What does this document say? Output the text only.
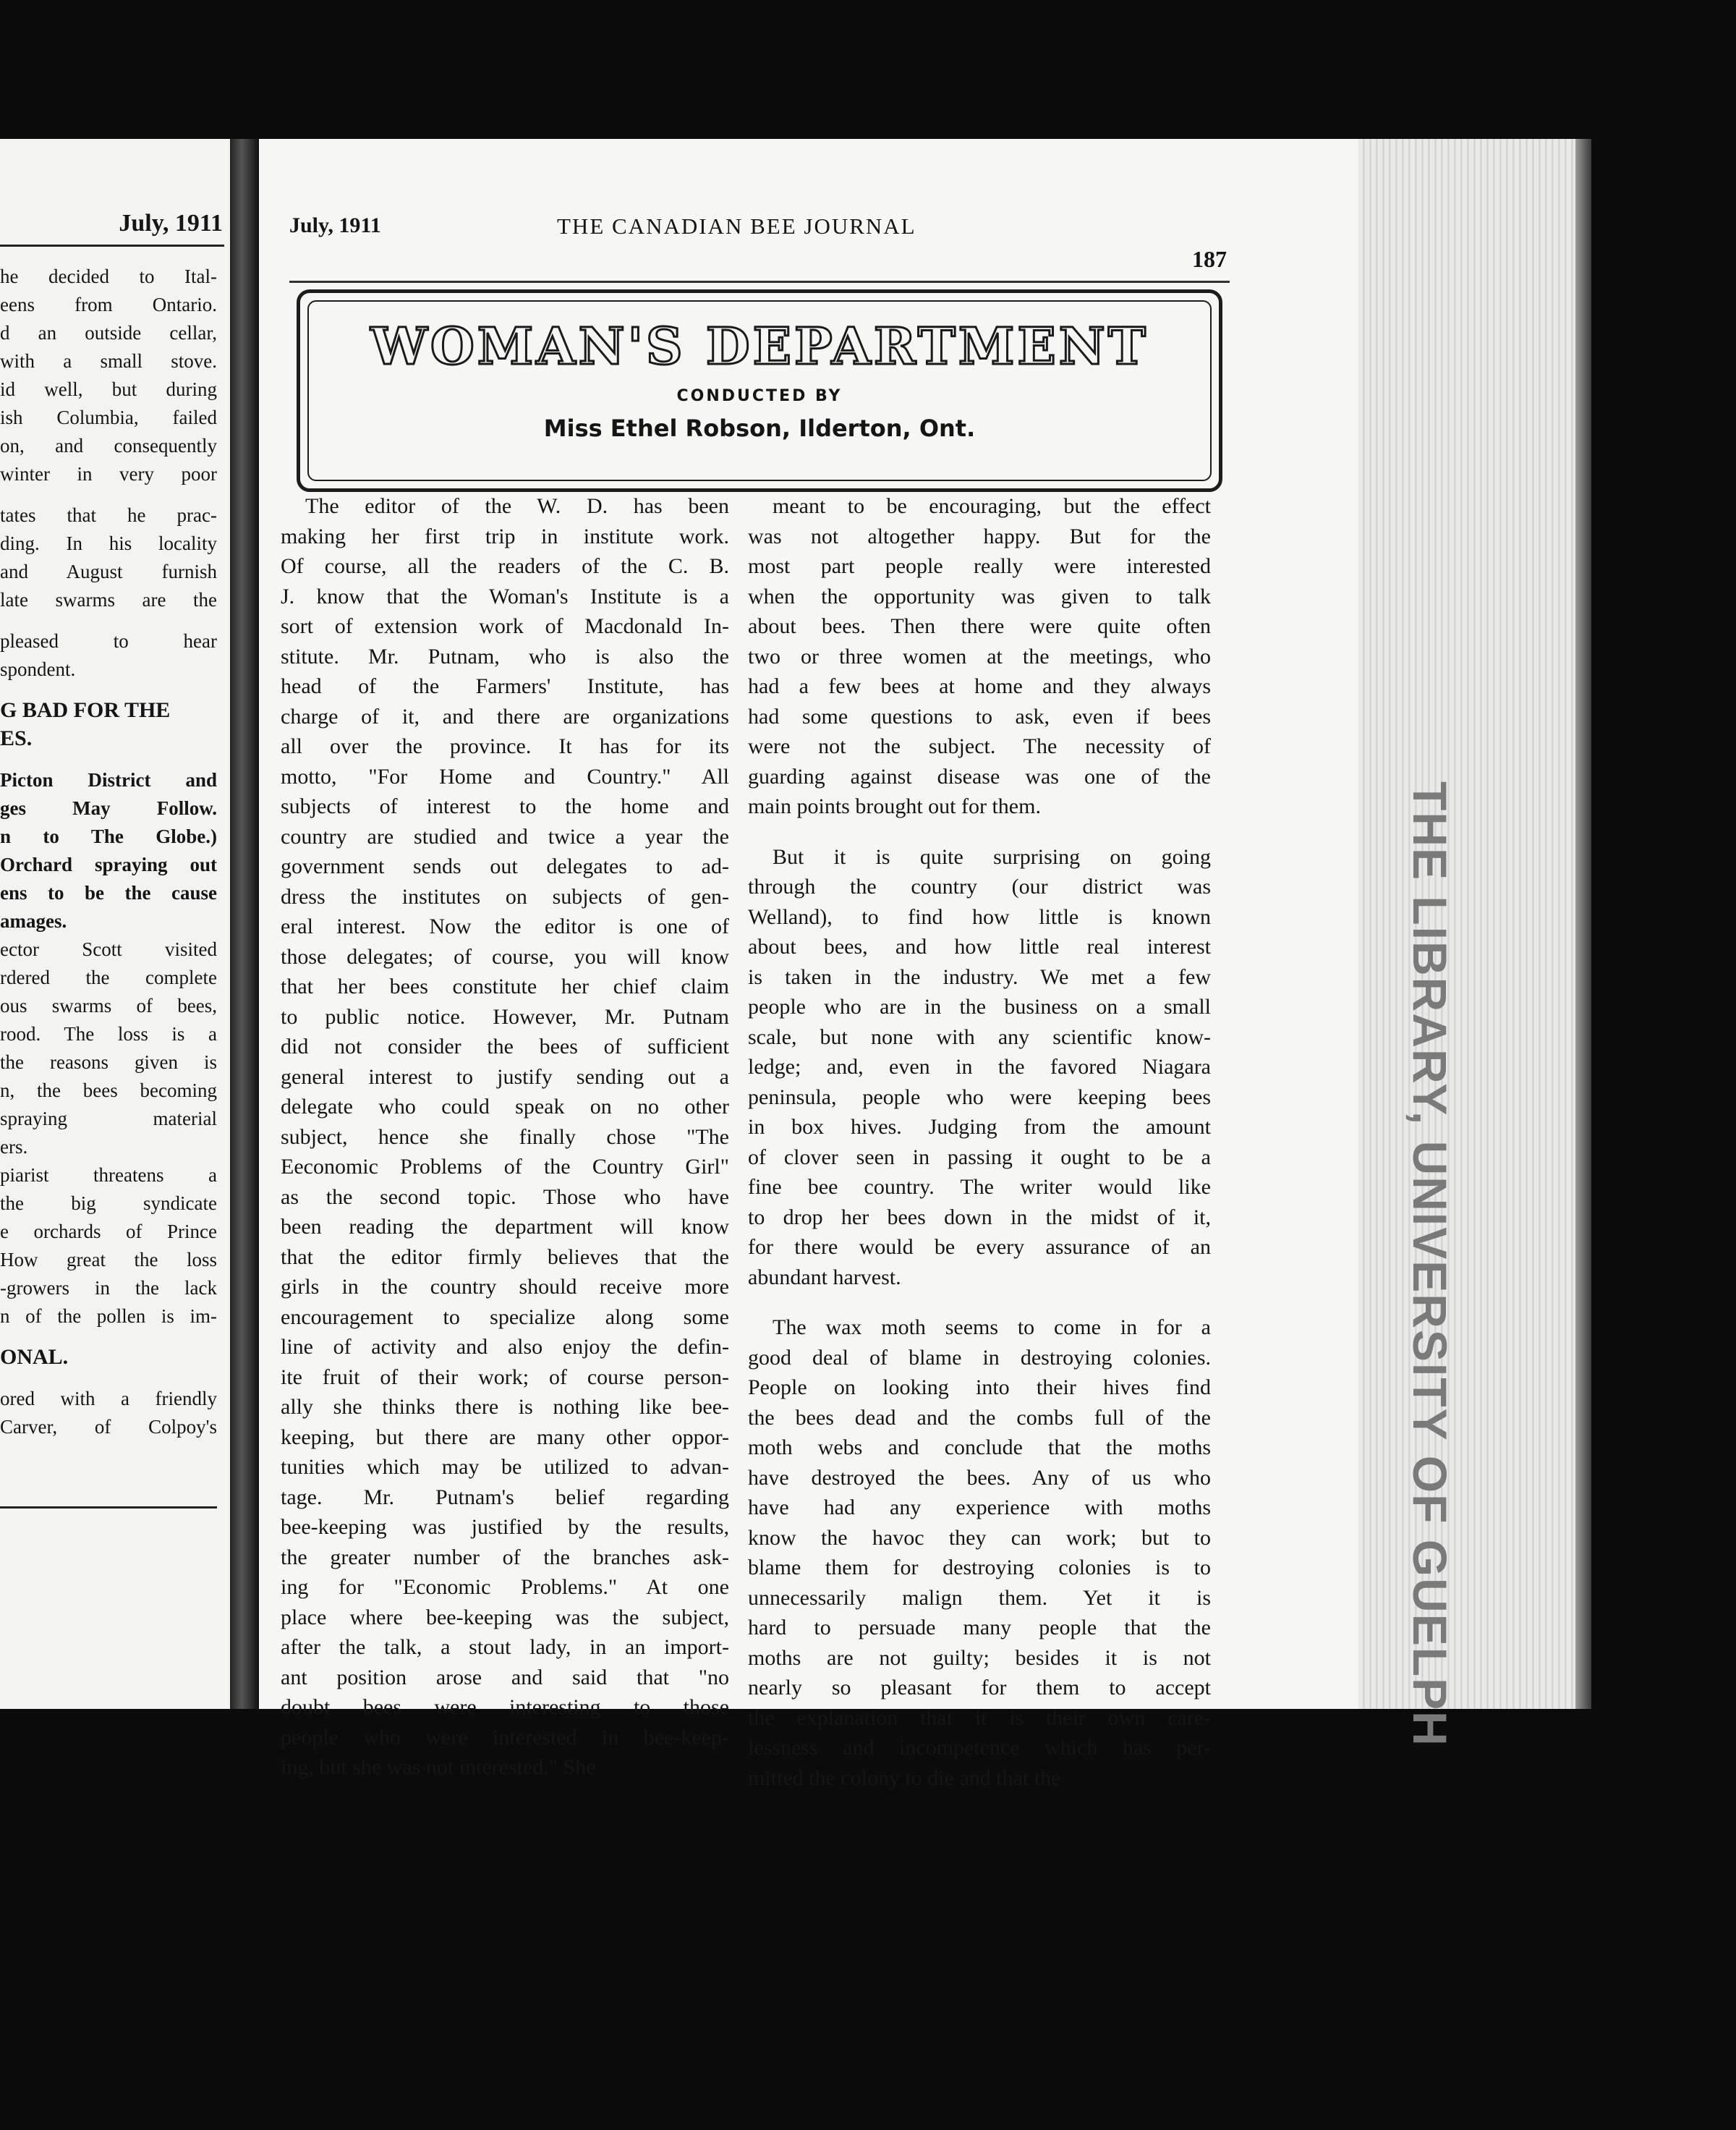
July, 1911
he decided to Ital-
eens from Ontario.
d an outside cellar,
with a small stove.
id well, but during
ish Columbia, failed
on, and consequently
winter in very poor
tates that he prac-
ding. In his locality
and August furnish
late swarms are the
pleased to hear
spondent.
G BAD FOR THE
ES.
Picton District and
ges May Follow.
n to The Globe.)
Orchard spraying out
ens to be the cause
amages.
ector Scott visited
rdered the complete
ous swarms of bees,
rood. The loss is a
the reasons given is
n, the bees becoming
spraying material
ers.
piarist threatens a
the big syndicate
e orchards of Prince
How great the loss
-growers in the lack
n of the pollen is im-
ONAL.
ored with a friendly
Carver, of Colpoy's
July, 1911	THE CANADIAN BEE JOURNAL
187
WOMAN'S DEPARTMENT
CONDUCTED BY
Miss Ethel Robson, Ilderton, Ont.
The editor of the W. D. has been
making her first trip in institute work.
Of course, all the readers of the C. B.
J. know that the Woman's Institute is a
sort of extension work of Macdonald In-
stitute. Mr. Putnam, who is also the
head of the Farmers' Institute, has
charge of it, and there are organizations
all over the province. It has for its
motto, "For Home and Country." All
subjects of interest to the home and
country are studied and twice a year the
government sends out delegates to ad-
dress the institutes on subjects of gen-
eral interest. Now the editor is one of
those delegates; of course, you will know
that her bees constitute her chief claim
to public notice. However, Mr. Putnam
did not consider the bees of sufficient
general interest to justify sending out a
delegate who could speak on no other
subject, hence she finally chose "The
Eeconomic Problems of the Country Girl"
as the second topic. Those who have
been reading the department will know
that the editor firmly believes that the
girls in the country should receive more
encouragement to specialize along some
line of activity and also enjoy the defin-
ite fruit of their work; of course person-
ally she thinks there is nothing like bee-
keeping, but there are many other oppor-
tunities which may be utilized to advan-
tage. Mr. Putnam's belief regarding
bee-keeping was justified by the results,
the greater number of the branches ask-
ing for "Economic Problems." At one
place where bee-keeping was the subject,
after the talk, a stout lady, in an import-
ant position arose and said that "no
doubt bees were interesting to those
people who were interested in bee-keep-
ing, but she was not interested." She
meant to be encouraging, but the effect
was not altogether happy. But for the
most part people really were interested
when the opportunity was given to talk
about bees. Then there were quite often
two or three women at the meetings, who
had a few bees at home and they always
had some questions to ask, even if bees
were not the subject. The necessity of
guarding against disease was one of the
main points brought out for them.
But it is quite surprising on going
through the country (our district was
Welland), to find how little is known
about bees, and how little real interest
is taken in the industry. We met a few
people who are in the business on a small
scale, but none with any scientific know-
ledge; and, even in the favored Niagara
peninsula, people who were keeping bees
in box hives. Judging from the amount
of clover seen in passing it ought to be a
fine bee country. The writer would like
to drop her bees down in the midst of it,
for there would be every assurance of an
abundant harvest.
The wax moth seems to come in for a
good deal of blame in destroying colonies.
People on looking into their hives find
the bees dead and the combs full of the
moth webs and conclude that the moths
have destroyed the bees. Any of us who
have had any experience with moths
know the havoc they can work; but to
blame them for destroying colonies is to
unnecessarily malign them. Yet it is
hard to persuade many people that the
moths are not guilty; besides it is not
nearly so pleasant for them to accept
the explanation that it is their own care-
lessness and incompetence which has per-
mitted the colony to die and that the
